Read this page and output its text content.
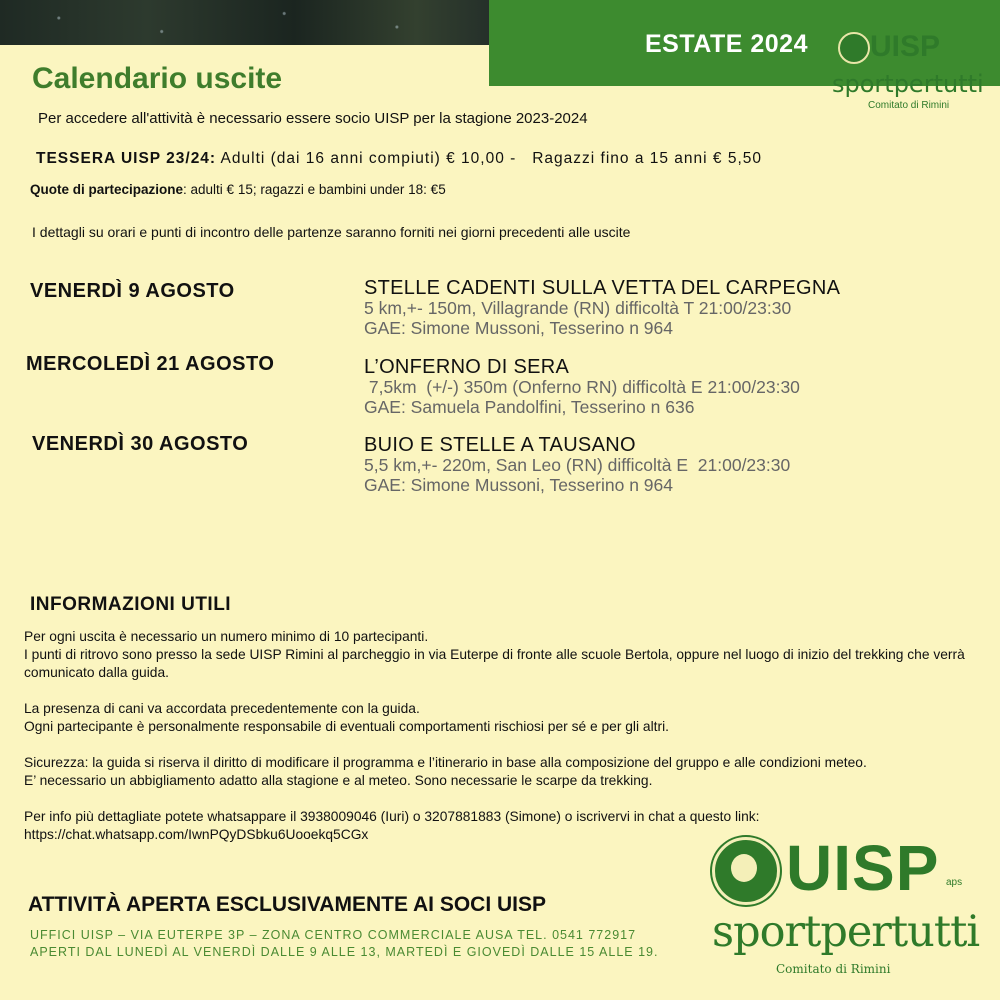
ESTATE 2024 UISP
sportpertutti
Comitato di Rimini
Calendario uscite
Per accedere all'attività è necessario essere socio UISP per la stagione 2023-2024
TESSERA UISP 23/24: Adulti (dai 16 anni compiuti) € 10,00 -   Ragazzi fino a 15 anni € 5,50
Quote di partecipazione: adulti € 15; ragazzi e bambini under 18: €5
I dettagli su orari e punti di incontro delle partenze saranno forniti nei giorni precedenti alle uscite
VENERDÌ 9 AGOSTO	STELLE CADENTI SULLA VETTA DEL CARPEGNA
5 km,+- 150m, Villagrande (RN) difficoltà T 21:00/23:30
GAE: Simone Mussoni, Tesserino n 964
MERCOLEDÌ 21 AGOSTO	L’ONFERNO DI SERA
7,5km  (+/-) 350m (Onferno RN) difficoltà E 21:00/23:30
GAE: Samuela Pandolfini, Tesserino n 636
VENERDÌ 30 AGOSTO	BUIO E STELLE A TAUSANO
5,5 km,+- 220m, San Leo (RN) difficoltà E  21:00/23:30
GAE: Simone Mussoni, Tesserino n 964
INFORMAZIONI UTILI

Per ogni uscita è necessario un numero minimo di 10 partecipanti.
I punti di ritrovo sono presso la sede UISP Rimini al parcheggio in via Euterpe di fronte alle scuole Bertola, oppure nel luogo di inizio del trekking che verrà comunicato dalla guida.

La presenza di cani va accordata precedentemente con la guida.
Ogni partecipante è personalmente responsabile di eventuali comportamenti rischiosi per sé e per gli altri.

Sicurezza: la guida si riserva il diritto di modificare il programma e l’itinerario in base alla composizione del gruppo e alle condizioni meteo.
E’ necessario un abbigliamento adatto alla stagione e al meteo. Sono necessarie le scarpe da trekking.

Per info più dettagliate potete whatsappare il 3938009046 (Iuri) o 3207881883 (Simone) o iscrivervi in chat a questo link:
https://chat.whatsapp.com/IwnPQyDSbku6Uooekq5CGx

ATTIVITÀ APERTA ESCLUSIVAMENTE AI SOCI UISP
UFFICI UISP – VIA EUTERPE 3P – ZONA CENTRO COMMERCIALE AUSA TEL. 0541 772917
APERTI DAL LUNEDÌ AL VENERDÌ DALLE 9 ALLE 13, MARTEDÌ E GIOVEDÌ DALLE 15 ALLE 19.
UISP aps
sportpertutti
Comitato di Rimini
